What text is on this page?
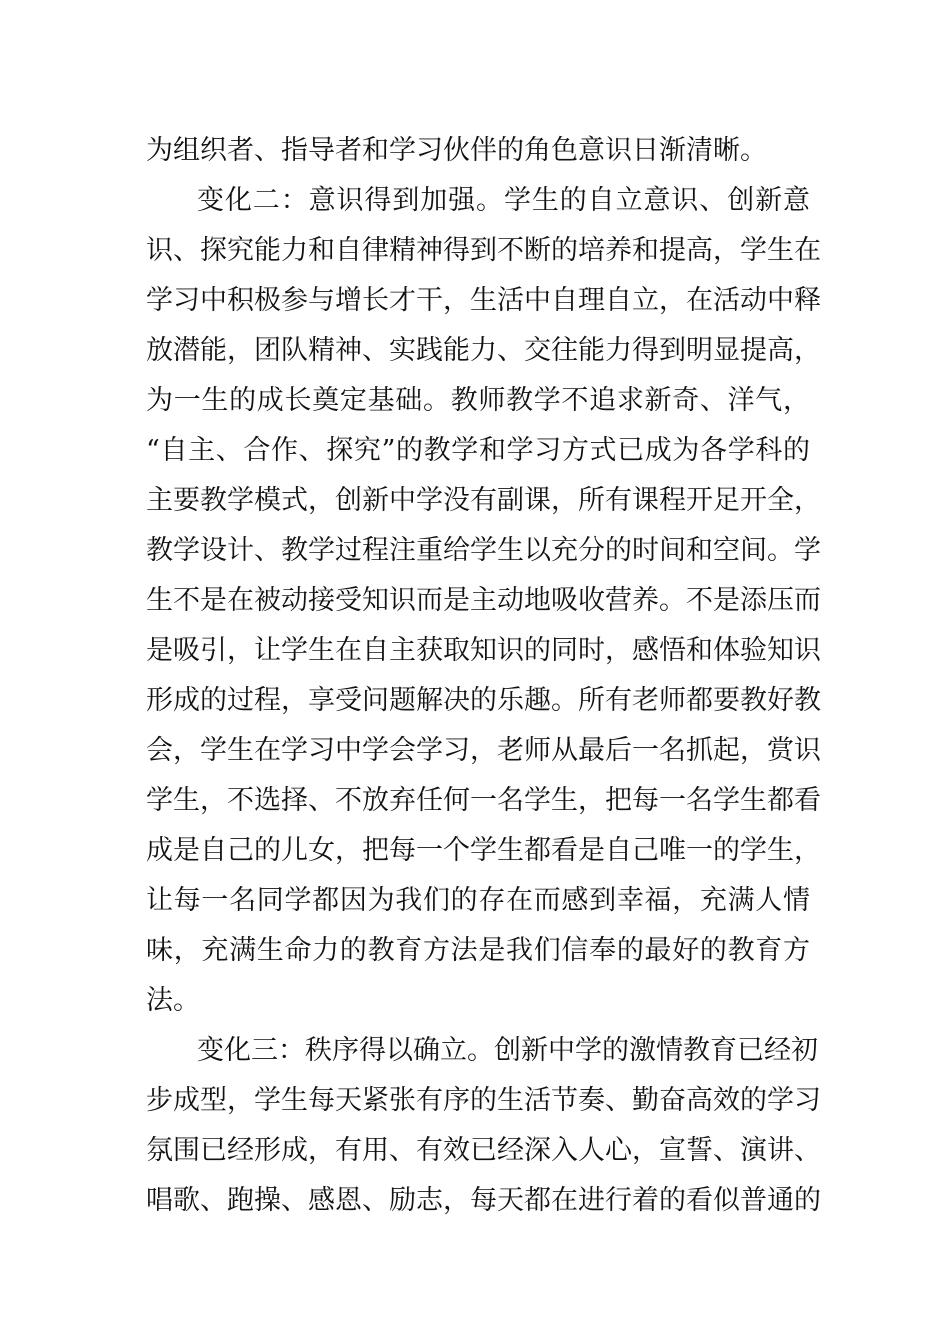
为组织者、指导者和学习伙伴的角色意识日渐清晰。
变化二：意识得到加强。学生的自立意识、创新意
识、探究能力和自律精神得到不断的培养和提高，学生在
学习中积极参与增长才干，生活中自理自立，在活动中释
放潜能，团队精神、实践能力、交往能力得到明显提高，
为一生的成长奠定基础。教师教学不追求新奇、洋气，
“自主、合作、探究”的教学和学习方式已成为各学科的
主要教学模式，创新中学没有副课，所有课程开足开全，
教学设计、教学过程注重给学生以充分的时间和空间。学
生不是在被动接受知识而是主动地吸收营养。不是添压而
是吸引，让学生在自主获取知识的同时，感悟和体验知识
形成的过程，享受问题解决的乐趣。所有老师都要教好教
会，学生在学习中学会学习，老师从最后一名抓起，赏识
学生，不选择、不放弃任何一名学生，把每一名学生都看
成是自己的儿女，把每一个学生都看是自己唯一的学生，
让每一名同学都因为我们的存在而感到幸福，充满人情
味，充满生命力的教育方法是我们信奉的最好的教育方
法。
变化三：秩序得以确立。创新中学的激情教育已经初
步成型，学生每天紧张有序的生活节奏、勤奋高效的学习
氛围已经形成，有用、有效已经深入人心，宣誓、演讲、
唱歌、跑操、感恩、励志，每天都在进行着的看似普通的
